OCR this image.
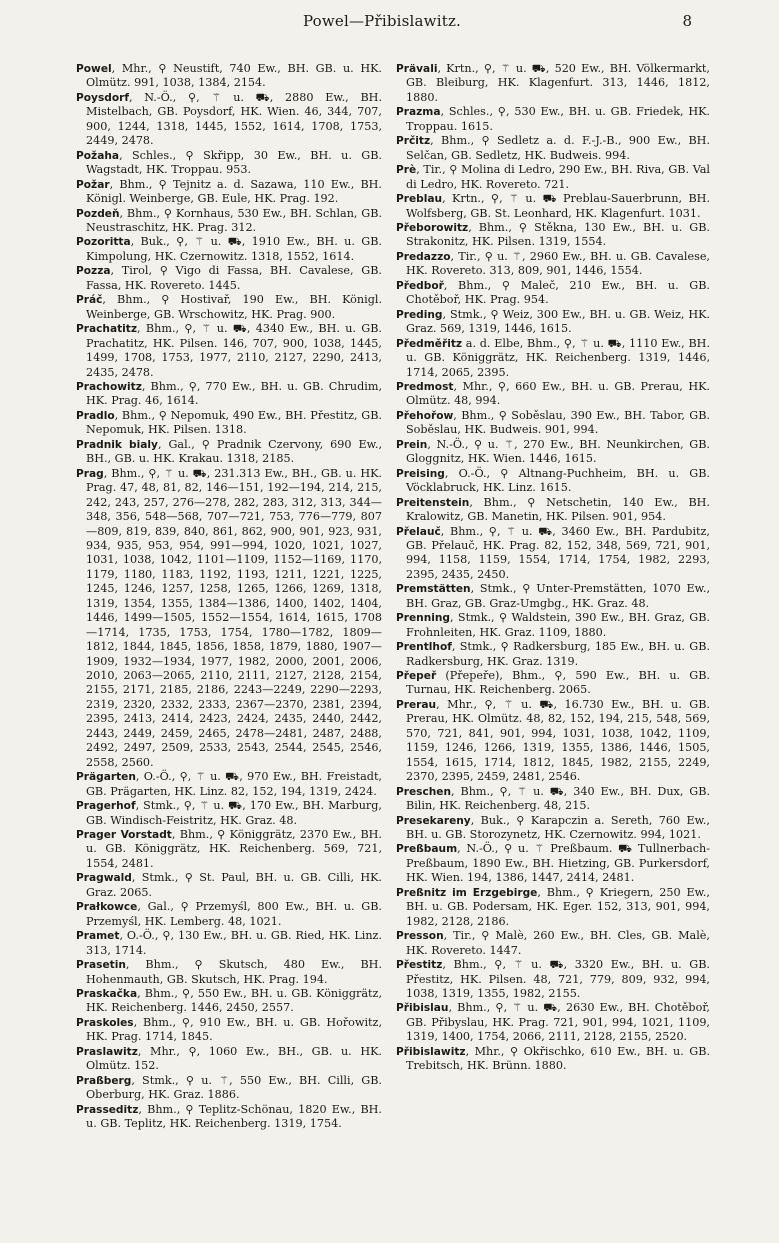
Powel—Přibislawitz.	8
Powel, Mhr., ⚲ Neustift, 740 Ew., BH. GB. u. HK. Olmütz. 991, 1038, 1384, 2154.
Poysdorf, N.-Ö., ⚲, ⚚ u. ⛟, 2880 Ew., BH. Mistelbach, GB. Poysdorf, HK. Wien. 46, 344, 707, 900, 1244, 1318, 1445, 1552, 1614, 1708, 1753, 2449, 2478.
Požaha, Schles., ⚲ Skřipp, 30 Ew., BH. u. GB. Wagstadt, HK. Troppau. 953.
Požar, Bhm., ⚲ Tejnitz a. d. Sazawa, 110 Ew., BH. Königl. Weinberge, GB. Eule, HK. Prag. 192.
Pozdeň, Bhm., ⚲ Kornhaus, 530 Ew., BH. Schlan, GB. Neustraschitz, HK. Prag. 312.
Pozoritta, Buk., ⚲, ⚚ u. ⛟, 1910 Ew., BH. u. GB. Kimpolung, HK. Czernowitz. 1318, 1552, 1614.
Pozza, Tirol, ⚲ Vigo di Fassa, BH. Cavalese, GB. Fassa, HK. Rovereto. 1445.
Práč, Bhm., ⚲ Hostivař, 190 Ew., BH. Königl. Weinberge, GB. Wrschowitz, HK. Prag. 900.
Prachatitz, Bhm., ⚲, ⚚ u. ⛟, 4340 Ew., BH. u. GB. Prachatitz, HK. Pilsen. 146, 707, 900, 1038, 1445, 1499, 1708, 1753, 1977, 2110, 2127, 2290, 2413, 2435, 2478.
Prachowitz, Bhm., ⚲, 770 Ew., BH. u. GB. Chrudim, HK. Prag. 46, 1614.
Pradlo, Bhm., ⚲ Nepomuk, 490 Ew., BH. Přestitz, GB. Nepomuk, HK. Pilsen. 1318.
Pradnik bialy, Gal., ⚲ Pradnik Czervony, 690 Ew., BH., GB. u. HK. Krakau. 1318, 2185.
Prag, Bhm., ⚲, ⚚ u. ⛟, 231.313 Ew., BH., GB. u. HK. Prag. 47, 48, 81, 82, 146—151, 192—194, 214, 215, 242, 243, 257, 276—278, 282, 283, 312, 313, 344—348, 356, 548—568, 707—721, 753, 776—779, 807—809, 819, 839, 840, 861, 862, 900, 901, 923, 931, 934, 935, 953, 954, 991—994, 1020, 1021, 1027, 1031, 1038, 1042, 1101—1109, 1152—1169, 1170, 1179, 1180, 1183, 1192, 1193, 1211, 1221, 1225, 1245, 1246, 1257, 1258, 1265, 1266, 1269, 1318, 1319, 1354, 1355, 1384—1386, 1400, 1402, 1404, 1446, 1499—1505, 1552—1554, 1614, 1615, 1708—1714, 1735, 1753, 1754, 1780—1782, 1809—1812, 1844, 1845, 1856, 1858, 1879, 1880, 1907—1909, 1932—1934, 1977, 1982, 2000, 2001, 2006, 2010, 2063—2065, 2110, 2111, 2127, 2128, 2154, 2155, 2171, 2185, 2186, 2243—2249, 2290—2293, 2319, 2320, 2332, 2333, 2367—2370, 2381, 2394, 2395, 2413, 2414, 2423, 2424, 2435, 2440, 2442, 2443, 2449, 2459, 2465, 2478—2481, 2487, 2488, 2492, 2497, 2509, 2533, 2543, 2544, 2545, 2546, 2558, 2560.
Prägarten, O.-Ö., ⚲, ⚚ u. ⛟, 970 Ew., BH. Freistadt, GB. Prägarten, HK. Linz. 82, 152, 194, 1319, 2424.
Pragerhof, Stmk., ⚲, ⚚ u. ⛟, 170 Ew., BH. Marburg, GB. Windisch-Feistritz, HK. Graz. 48.
Prager Vorstadt, Bhm., ⚲ Königgrätz, 2370 Ew., BH. u. GB. Königgrätz, HK. Reichenberg. 569, 721, 1554, 2481.
Pragwald, Stmk., ⚲ St. Paul, BH. u. GB. Cilli, HK. Graz. 2065.
Prałkowce, Gal., ⚲ Przemyśl, 800 Ew., BH. u. GB. Przemyśl, HK. Lemberg. 48, 1021.
Pramet, O.-Ö., ⚲, 130 Ew., BH. u. GB. Ried, HK. Linz. 313, 1714.
Prasetin, Bhm., ⚲ Skutsch, 480 Ew., BH. Hohenmauth, GB. Skutsch, HK. Prag. 194.
Praskačka, Bhm., ⚲, 550 Ew., BH. u. GB. Königgrätz, HK. Reichenberg. 1446, 2450, 2557.
Praskoles, Bhm., ⚲, 910 Ew., BH. u. GB. Hořowitz, HK. Prag. 1714, 1845.
Praslawitz, Mhr., ⚲, 1060 Ew., BH., GB. u. HK. Olmütz. 152.
Praßberg, Stmk., ⚲ u. ⚚, 550 Ew., BH. Cilli, GB. Oberburg, HK. Graz. 1886.
Prasseditz, Bhm., ⚲ Teplitz-Schönau, 1820 Ew., BH. u. GB. Teplitz, HK. Reichenberg. 1319, 1754.
Prävali, Krtn., ⚲, ⚚ u. ⛟, 520 Ew., BH. Völkermarkt, GB. Bleiburg, HK. Klagenfurt. 313, 1446, 1812, 1880.
Prazma, Schles., ⚲, 530 Ew., BH. u. GB. Friedek, HK. Troppau. 1615.
Prčitz, Bhm., ⚲ Sedletz a. d. F.-J.-B., 900 Ew., BH. Selčan, GB. Sedletz, HK. Budweis. 994.
Prè, Tir., ⚲ Molina di Ledro, 290 Ew., BH. Riva, GB. Val di Ledro, HK. Rovereto. 721.
Preblau, Krtn., ⚲, ⚚ u. ⛟ Preblau-Sauerbrunn, BH. Wolfsberg, GB. St. Leonhard, HK. Klagenfurt. 1031.
Přeborowitz, Bhm., ⚲ Stěkna, 130 Ew., BH. u. GB. Strakonitz, HK. Pilsen. 1319, 1554.
Predazzo, Tir., ⚲ u. ⚚, 2960 Ew., BH. u. GB. Cavalese, HK. Rovereto. 313, 809, 901, 1446, 1554.
Předboř, Bhm., ⚲ Maleč, 210 Ew., BH. u. GB. Chotěboř, HK. Prag. 954.
Preding, Stmk., ⚲ Weiz, 300 Ew., BH. u. GB. Weiz, HK. Graz. 569, 1319, 1446, 1615.
Předměřitz a. d. Elbe, Bhm., ⚲, ⚚ u. ⛟, 1110 Ew., BH. u. GB. Königgrätz, HK. Reichenberg. 1319, 1446, 1714, 2065, 2395.
Predmost, Mhr., ⚲, 660 Ew., BH. u. GB. Prerau, HK. Olmütz. 48, 994.
Přehořow, Bhm., ⚲ Soběslau, 390 Ew., BH. Tabor, GB. Soběslau, HK. Budweis. 901, 994.
Prein, N.-Ö., ⚲ u. ⚚, 270 Ew., BH. Neunkirchen, GB. Gloggnitz, HK. Wien. 1446, 1615.
Preising, O.-Ö., ⚲ Altnang-Puchheim, BH. u. GB. Vöcklabruck, HK. Linz. 1615.
Preitenstein, Bhm., ⚲ Netschetin, 140 Ew., BH. Kralowitz, GB. Manetin, HK. Pilsen. 901, 954.
Přelauč, Bhm., ⚲, ⚚ u. ⛟, 3460 Ew., BH. Pardubitz, GB. Přelauč, HK. Prag. 82, 152, 348, 569, 721, 901, 994, 1158, 1159, 1554, 1714, 1754, 1982, 2293, 2395, 2435, 2450.
Premstätten, Stmk., ⚲ Unter-Premstätten, 1070 Ew., BH. Graz, GB. Graz-Umgbg., HK. Graz. 48.
Prenning, Stmk., ⚲ Waldstein, 390 Ew., BH. Graz, GB. Frohnleiten, HK. Graz. 1109, 1880.
Prentlhof, Stmk., ⚲ Radkersburg, 185 Ew., BH. u. GB. Radkersburg, HK. Graz. 1319.
Přepeř (Přepeře), Bhm., ⚲, 590 Ew., BH. u. GB. Turnau, HK. Reichenberg. 2065.
Prerau, Mhr., ⚲, ⚚ u. ⛟, 16.730 Ew., BH. u. GB. Prerau, HK. Olmütz. 48, 82, 152, 194, 215, 548, 569, 570, 721, 841, 901, 994, 1031, 1038, 1042, 1109, 1159, 1246, 1266, 1319, 1355, 1386, 1446, 1505, 1554, 1615, 1714, 1812, 1845, 1982, 2155, 2249, 2370, 2395, 2459, 2481, 2546.
Preschen, Bhm., ⚲, ⚚ u. ⛟, 340 Ew., BH. Dux, GB. Bilin, HK. Reichenberg. 48, 215.
Presekareny, Buk., ⚲ Karapczin a. Sereth, 760 Ew., BH. u. GB. Storozynetz, HK. Czernowitz. 994, 1021.
Preßbaum, N.-Ö., ⚲ u. ⚚ Preßbaum. ⛟ Tullnerbach-Preßbaum, 1890 Ew., BH. Hietzing, GB. Purkersdorf, HK. Wien. 194, 1386, 1447, 2414, 2481.
Preßnitz im Erzgebirge, Bhm., ⚲ Kriegern, 250 Ew., BH. u. GB. Podersam, HK. Eger. 152, 313, 901, 994, 1982, 2128, 2186.
Presson, Tir., ⚲ Malè, 260 Ew., BH. Cles, GB. Malè, HK. Rovereto. 1447.
Přestitz, Bhm., ⚲, ⚚ u. ⛟, 3320 Ew., BH. u. GB. Přestitz, HK. Pilsen. 48, 721, 779, 809, 932, 994, 1038, 1319, 1355, 1982, 2155.
Přibislau, Bhm., ⚲, ⚚ u. ⛟, 2630 Ew., BH. Chotěboř, GB. Přibyslau, HK. Prag. 721, 901, 994, 1021, 1109, 1319, 1400, 1754, 2066, 2111, 2128, 2155, 2520.
Přibislawitz, Mhr., ⚲ Okřischko, 610 Ew., BH. u. GB. Trebitsch, HK. Brünn. 1880.
